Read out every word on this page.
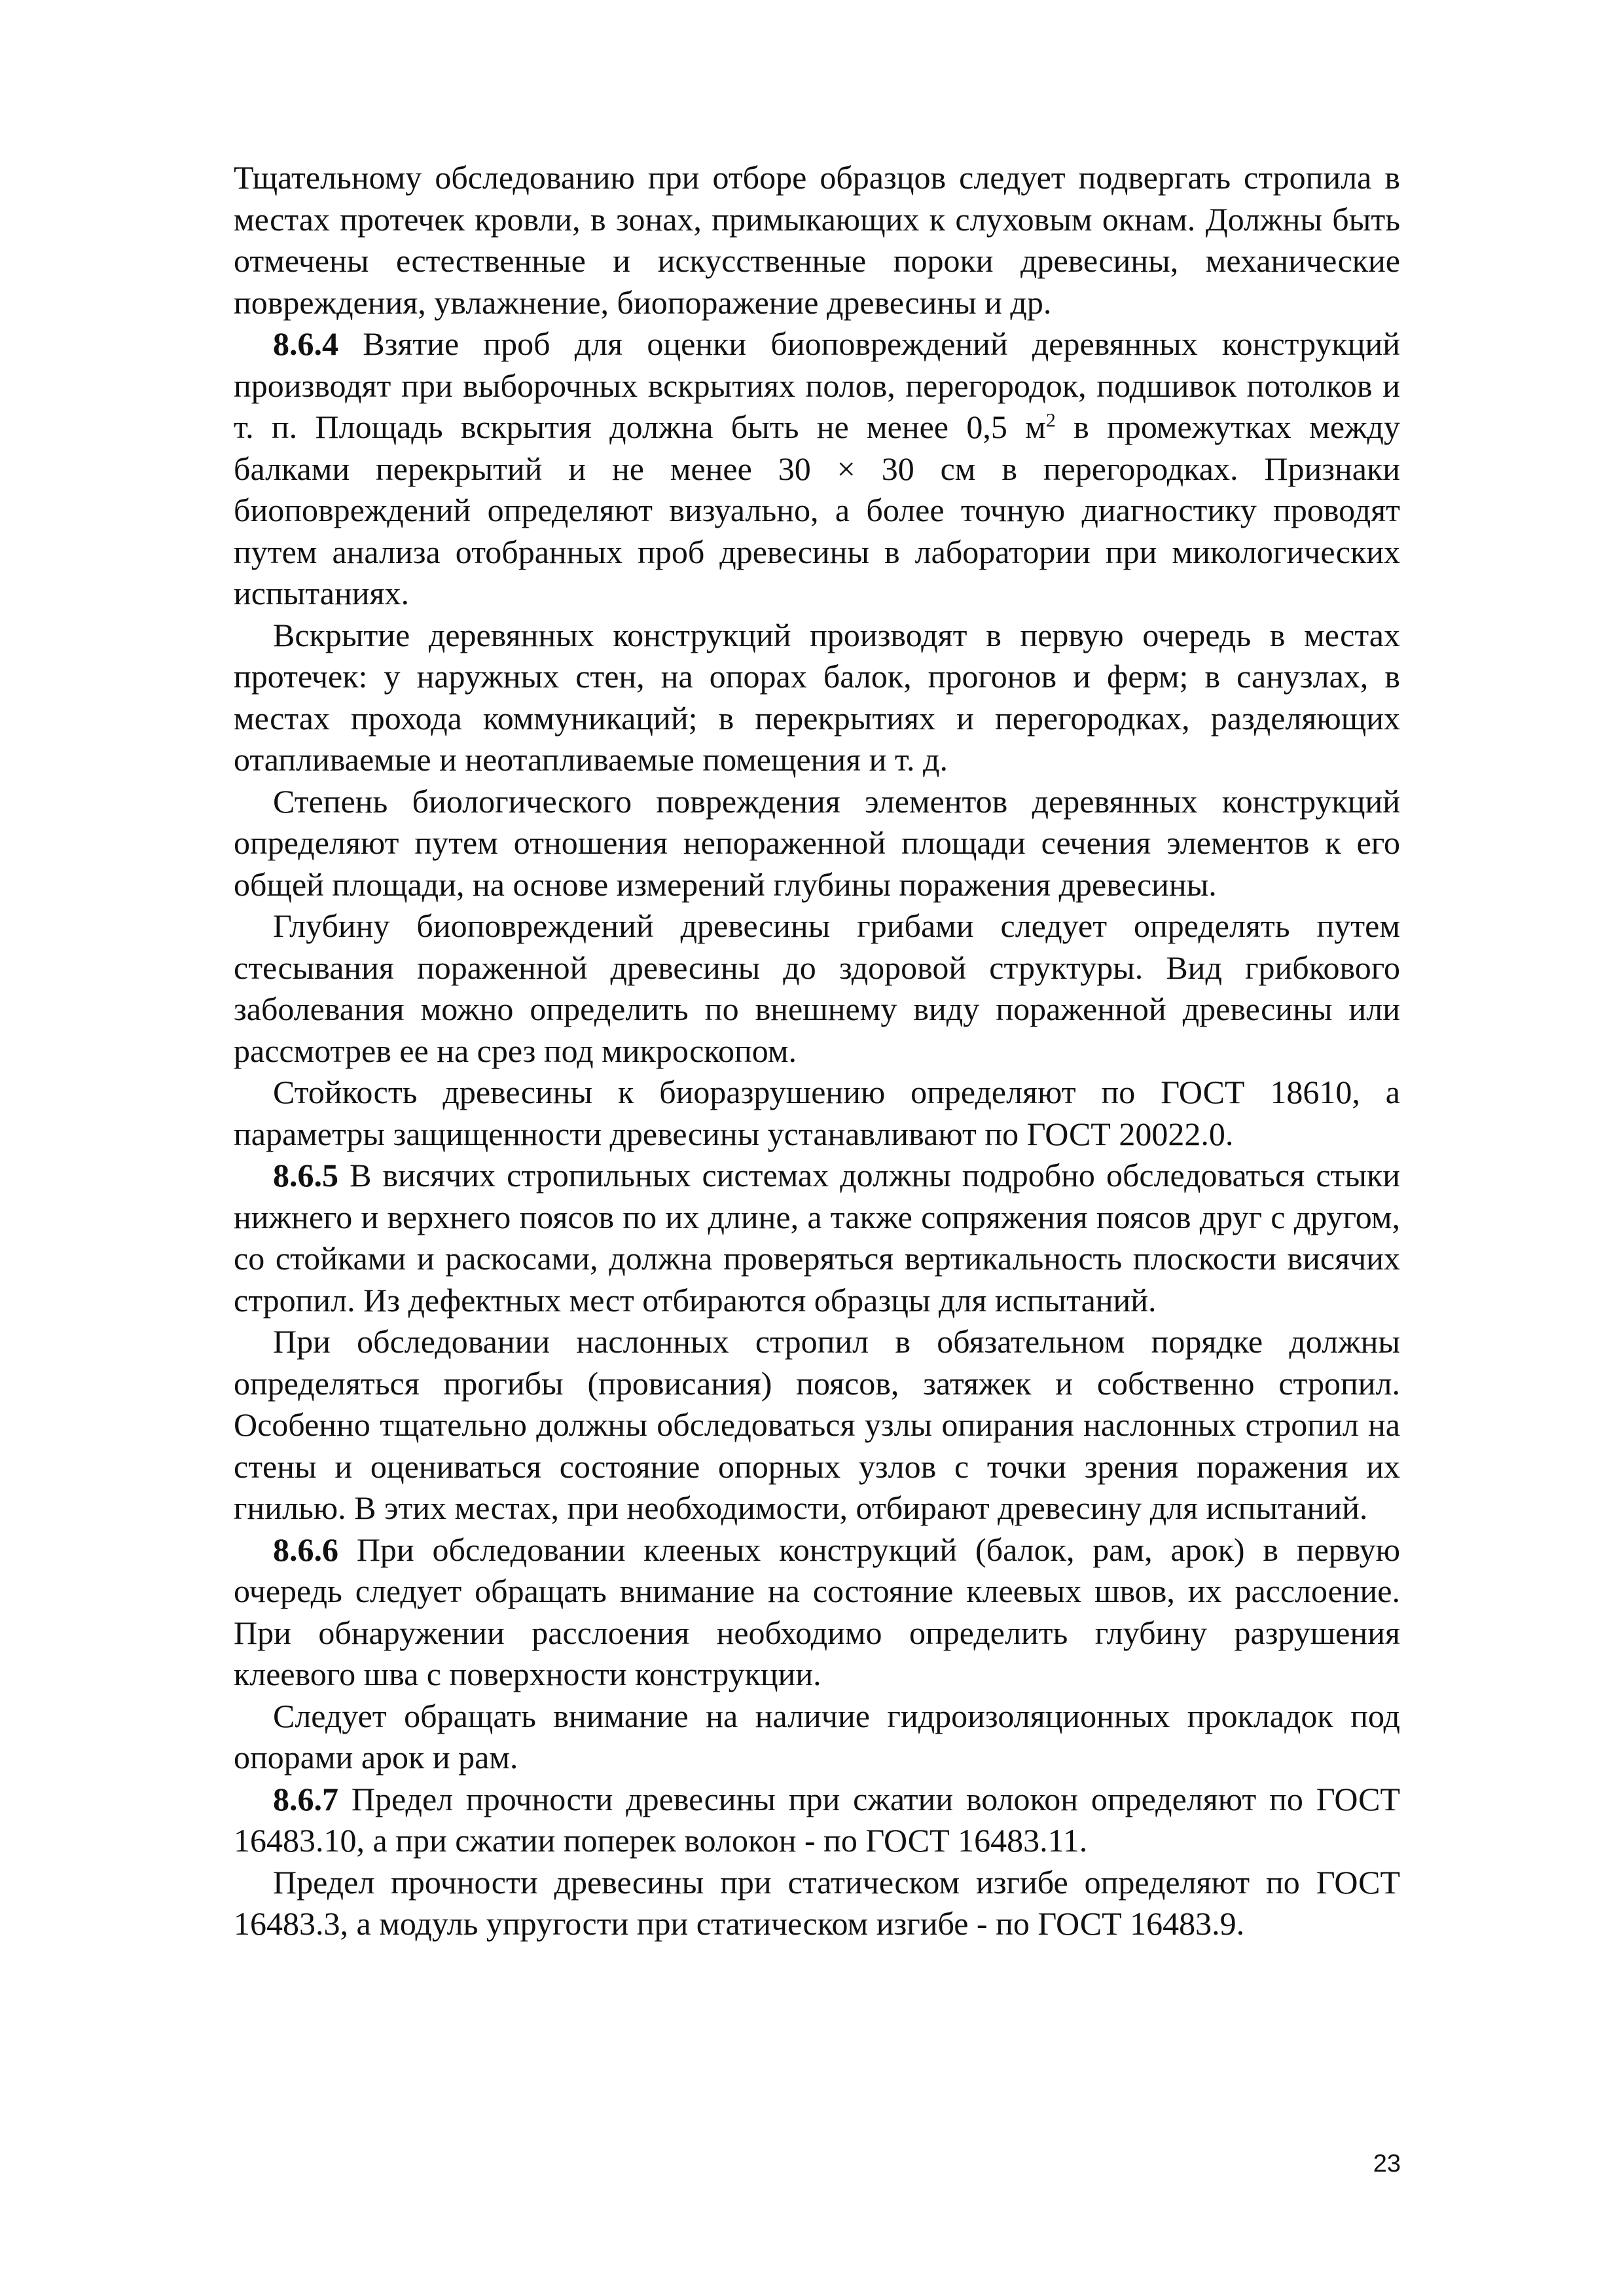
Тщательному обследованию при отборе образцов следует подвергать стропила в местах протечек кровли, в зонах, примыкающих к слуховым окнам. Должны быть отмечены естественные и искусственные пороки древесины, механические повреждения, увлажнение, биопоражение древесины и др.

8.6.4 Взятие проб для оценки биоповреждений деревянных конструкций производят при выборочных вскрытиях полов, перегородок, подшивок потолков и т. п. Площадь вскрытия должна быть не менее 0,5 $м^2$ в промежутках между балками перекрытий и не менее 30 × 30 см в перегородках. Признаки биоповреждений определяют визуально, а более точную диагностику проводят путем анализа отобранных проб древесины в лаборатории при микологических испытаниях.

Вскрытие деревянных конструкций производят в первую очередь в местах протечек: у наружных стен, на опорах балок, прогонов и ферм; в санузлах, в местах прохода коммуникаций; в перекрытиях и перегородках, разделяющих отапливаемые и неотапливаемые помещения и т. д.

Степень биологического повреждения элементов деревянных конструкций определяют путем отношения непораженной площади сечения элементов к его общей площади, на основе измерений глубины поражения древесины.

Глубину биоповреждений древесины грибами следует определять путем стесывания пораженной древесины до здоровой структуры. Вид грибкового заболевания можно определить по внешнему виду пораженной древесины или рассмотрев ее на срез под микроскопом.

Стойкость древесины к биоразрушению определяют по ГОСТ 18610, а параметры защищенности древесины устанавливают по ГОСТ 20022.0.

8.6.5 В висячих стропильных системах должны подробно обследоваться стыки нижнего и верхнего поясов по их длине, а также сопряжения поясов друг с другом, со стойками и раскосами, должна проверяться вертикальность плоскости висячих стропил. Из дефектных мест отбираются образцы для испытаний.

При обследовании наслонных стропил в обязательном порядке должны определяться прогибы (провисания) поясов, затяжек и собственно стропил. Особенно тщательно должны обследоваться узлы опирания наслонных стропил на стены и оцениваться состояние опорных узлов с точки зрения поражения их гнилью. В этих местах, при необходимости, отбирают древесину для испытаний.

8.6.6 При обследовании клееных конструкций (балок, рам, арок) в первую очередь следует обращать внимание на состояние клеевых швов, их расслоение. При обнаружении расслоения необходимо определить глубину разрушения клеевого шва с поверхности конструкции.

Следует обращать внимание на наличие гидроизоляционных прокладок под опорами арок и рам.

8.6.7 Предел прочности древесины при сжатии волокон определяют по ГОСТ 16483.10, а при сжатии поперек волокон - по ГОСТ 16483.11.

Предел прочности древесины при статическом изгибе определяют по ГОСТ 16483.3, а модуль упругости при статическом изгибе - по ГОСТ 16483.9.

23
